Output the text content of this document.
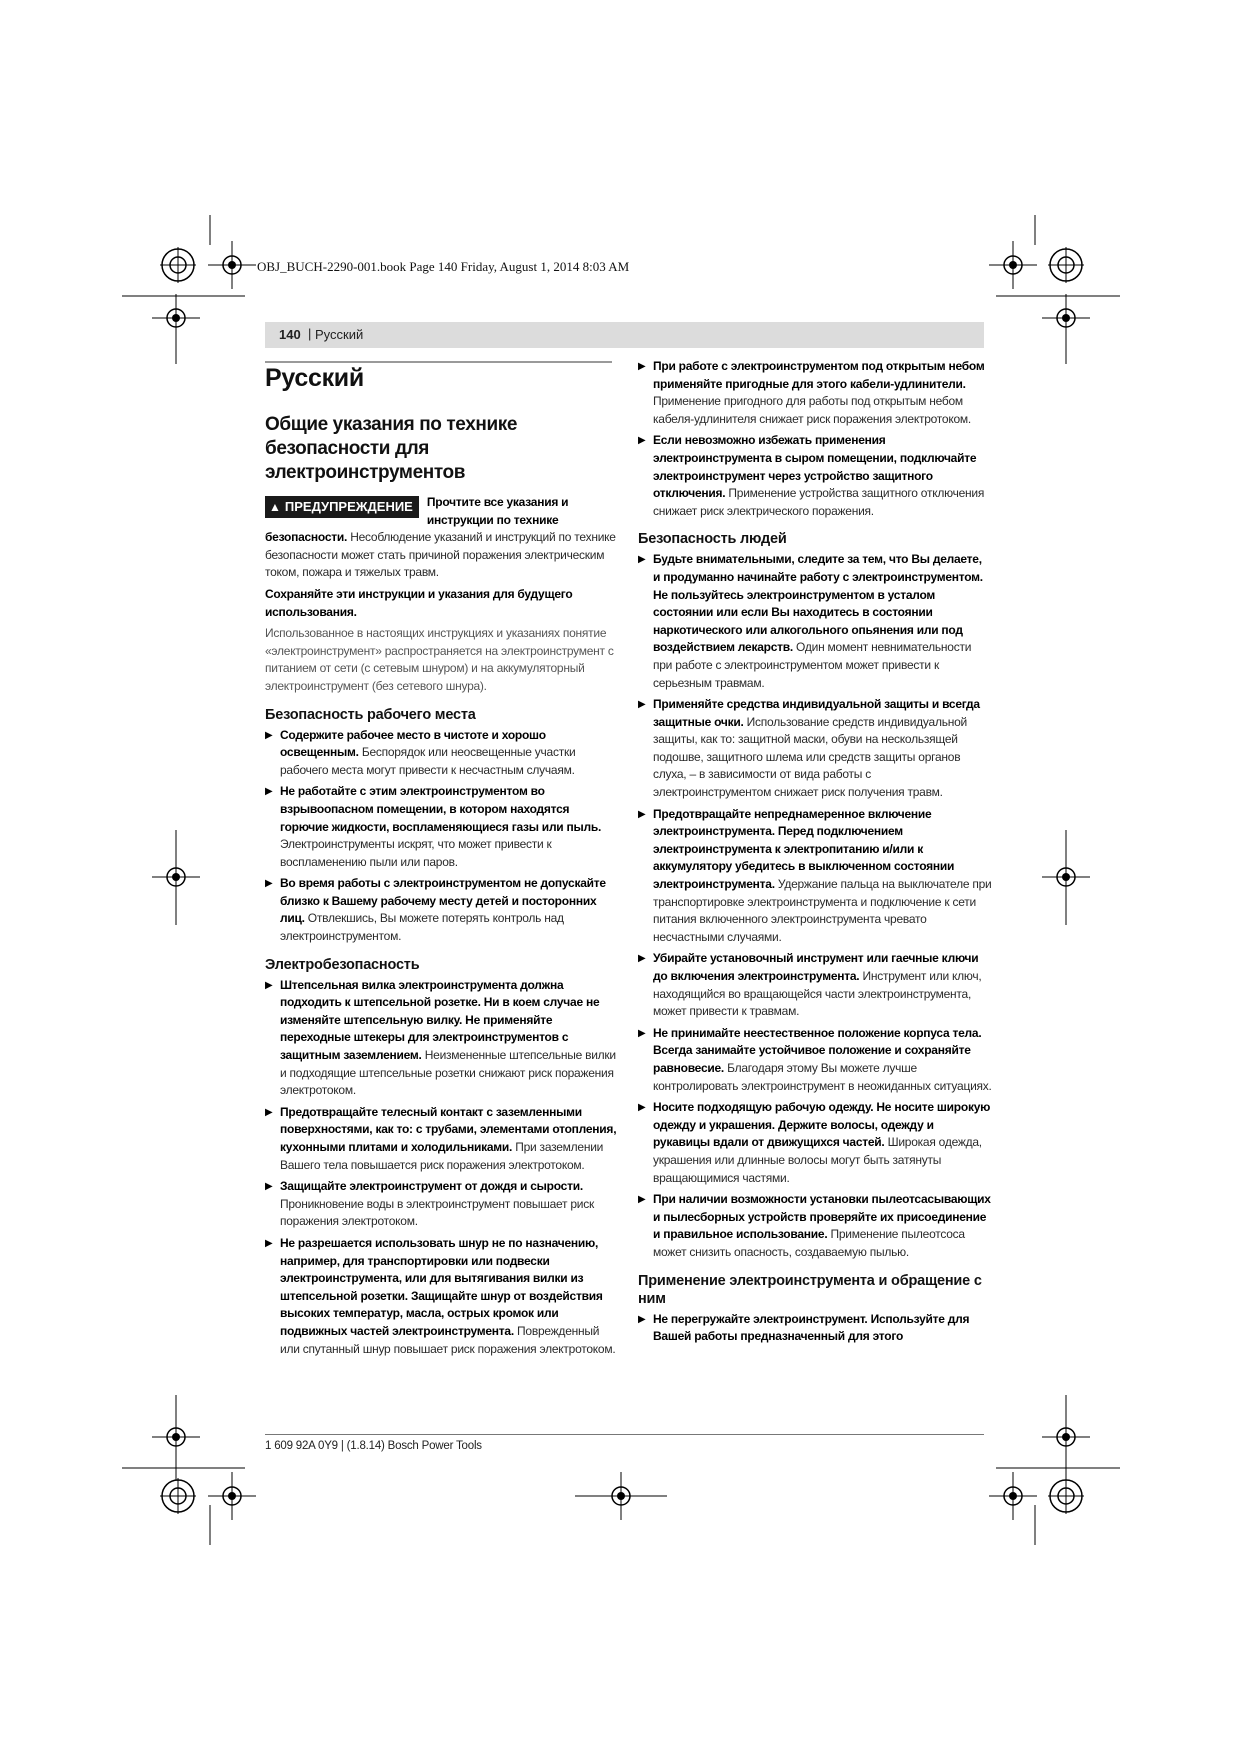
OBJ_BUCH-2290-001.book Page 140 Friday, August 1, 2014 8:03 AM
140 | Русский
Русский
Общие указания по технике безопасности для электроинструментов
▲ ПРЕДУПРЕЖДЕНИЕ	Прочтите все указания и инструкции по технике безопасности. Несоблюдение указаний и инструкций по технике безопасности может стать причиной поражения электрическим током, пожара и тяжелых травм.

Сохраняйте эти инструкции и указания для будущего использования.

Использованное в настоящих инструкциях и указаниях понятие «электроинструмент» распространяется на электроинструмент с питанием от сети (с сетевым шнуром) и на аккумуляторный электроинструмент (без сетевого шнура).

Безопасность рабочего места
▶ Содержите рабочее место в чистоте и хорошо освещенным. Беспорядок или неосвещенные участки рабочего места могут привести к несчастным случаям.
▶ Не работайте с этим электроинструментом во взрывоопасном помещении, в котором находятся горючие жидкости, воспламеняющиеся газы или пыль. Электроинструменты искрят, что может привести к воспламенению пыли или паров.
▶ Во время работы с электроинструментом не допускайте близко к Вашему рабочему месту детей и посторонних лиц. Отвлекшись, Вы можете потерять контроль над электроинструментом.
Электробезопасность
▶ Штепсельная вилка электроинструмента должна подходить к штепсельной розетке. Ни в коем случае не изменяйте штепсельную вилку. Не применяйте переходные штекеры для электроинструментов с защитным заземлением. Неизмененные штепсельные вилки и подходящие штепсельные розетки снижают риск поражения электротоком.
▶ Предотвращайте телесный контакт с заземленными поверхностями, как то: с трубами, элементами отопления, кухонными плитами и холодильниками. При заземлении Вашего тела повышается риск поражения электротоком.
▶ Защищайте электроинструмент от дождя и сырости. Проникновение воды в электроинструмент повышает риск поражения электротоком.
▶ Не разрешается использовать шнур не по назначению, например, для транспортировки или подвески электроинструмента, или для вытягивания вилки из штепсельной розетки. Защищайте шнур от воздействия высоких температур, масла, острых кромок или подвижных частей электроинструмента. Поврежденный или спутанный шнур повышает риск поражения электротоком.
▶ При работе с электроинструментом под открытым небом применяйте пригодные для этого кабели-удлинители. Применение пригодного для работы под открытым небом кабеля-удлинителя снижает риск поражения электротоком.
▶ Если невозможно избежать применения электроинструмента в сыром помещении, подключайте электроинструмент через устройство защитного отключения. Применение устройства защитного отключения снижает риск электрического поражения.
Безопасность людей
▶ Будьте внимательными, следите за тем, что Вы делаете, и продуманно начинайте работу с электроинструментом. Не пользуйтесь электроинструментом в усталом состоянии или если Вы находитесь в состоянии наркотического или алкогольного опьянения или под воздействием лекарств. Один момент невнимательности при работе с электроинструментом может привести к серьезным травмам.
▶ Применяйте средства индивидуальной защиты и всегда защитные очки. Использование средств индивидуальной защиты, как то: защитной маски, обуви на нескользящей подошве, защитного шлема или средств защиты органов слуха, – в зависимости от вида работы с электроинструментом снижает риск получения травм.
▶ Предотвращайте непреднамеренное включение электроинструмента. Перед подключением электроинструмента к электропитанию и/или к аккумулятору убедитесь в выключенном состоянии электроинструмента. Удержание пальца на выключателе при транспортировке электроинструмента и подключение к сети питания включенного электроинструмента чревато несчастными случаями.
▶ Убирайте установочный инструмент или гаечные ключи до включения электроинструмента. Инструмент или ключ, находящийся во вращающейся части электроинструмента, может привести к травмам.
▶ Не принимайте неестественное положение корпуса тела. Всегда занимайте устойчивое положение и сохраняйте равновесие. Благодаря этому Вы можете лучше контролировать электроинструмент в неожиданных ситуациях.
▶ Носите подходящую рабочую одежду. Не носите широкую одежду и украшения. Держите волосы, одежду и рукавицы вдали от движущихся частей. Широкая одежда, украшения или длинные волосы могут быть затянуты вращающимися частями.
▶ При наличии возможности установки пылеотсасывающих и пылесборных устройств проверяйте их присоединение и правильное использование. Применение пылеотсоса может снизить опасность, создаваемую пылью.
Применение электроинструмента и обращение с ним
▶ Не перегружайте электроинструмент. Используйте для Вашей работы предназначенный для этого
1 609 92A 0Y9 | (1.8.14) Bosch Power Tools
